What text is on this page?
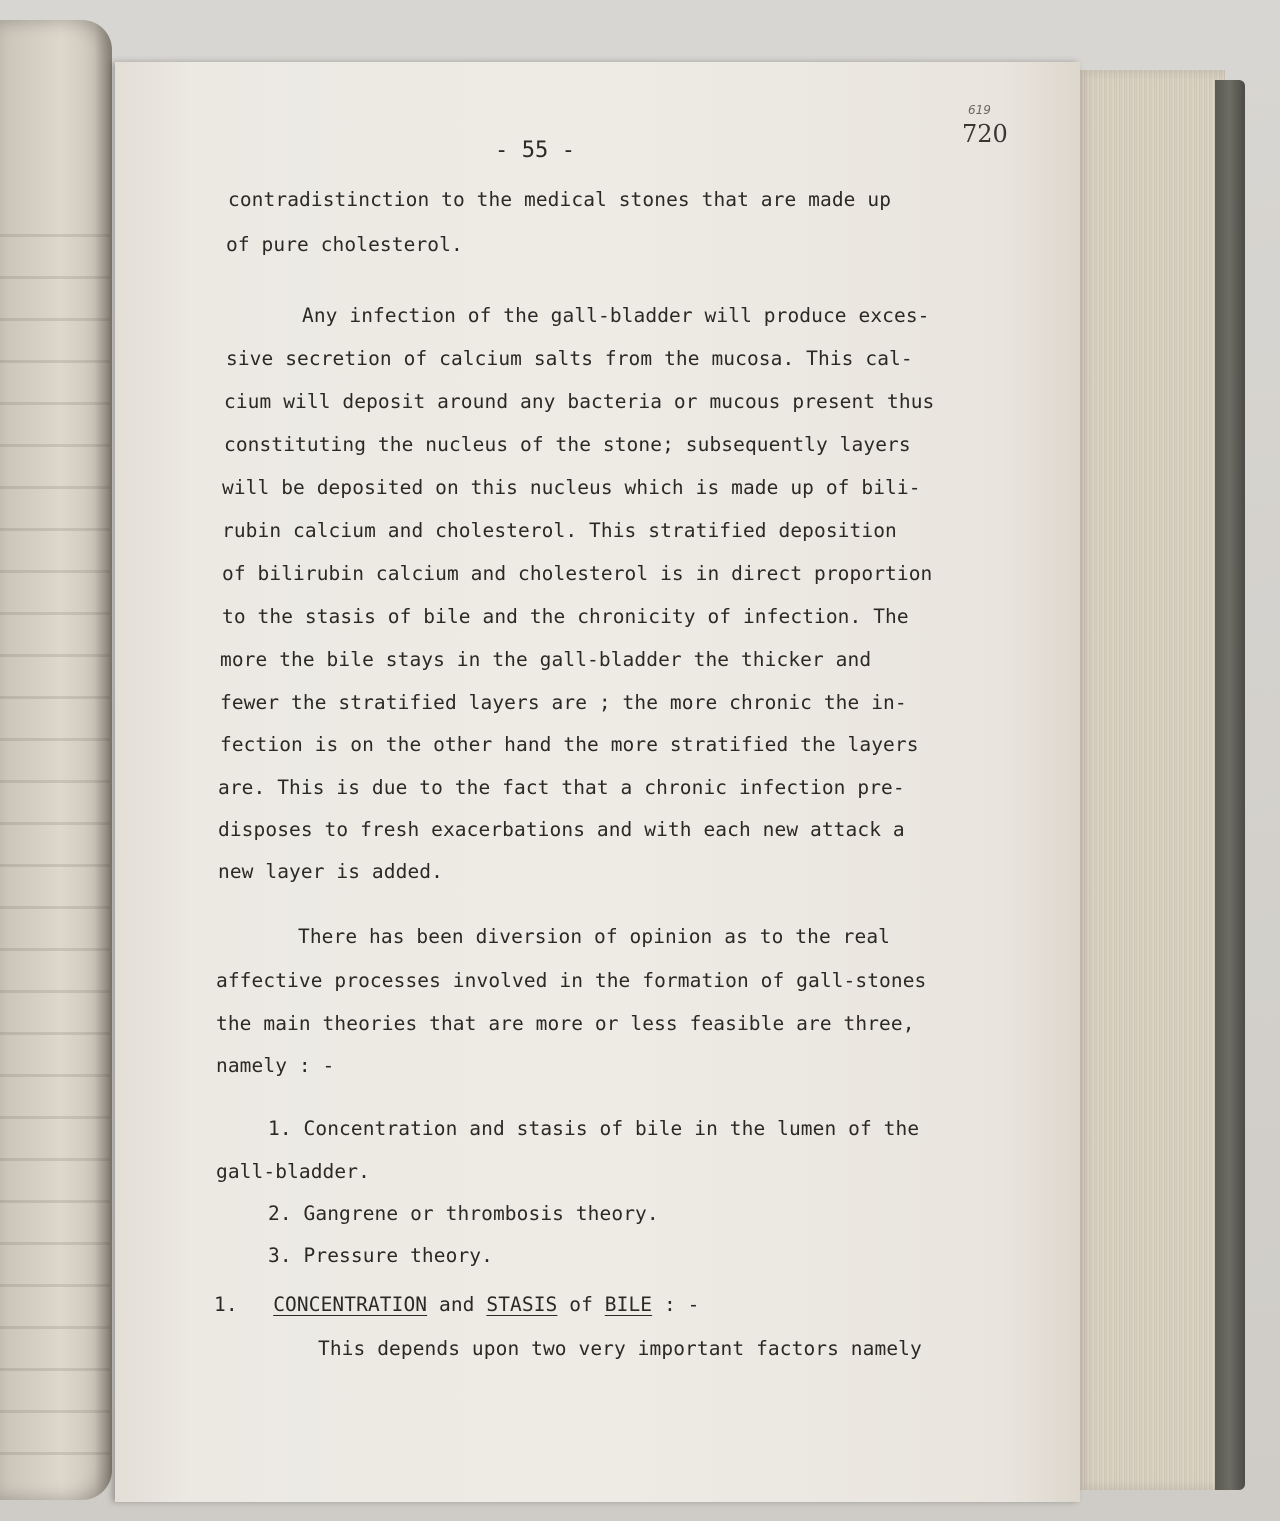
619
720
- 55 -
contradistinction to the medical stones that are made up
of pure cholesterol.
Any infection of the gall-bladder will produce exces-
sive secretion of calcium salts from the mucosa. This cal-
cium will deposit around any bacteria or mucous present thus
constituting the nucleus of the stone; subsequently layers
will be deposited on this nucleus which is made up of bili-
rubin calcium and cholesterol. This stratified deposition
of bilirubin calcium and cholesterol is in direct proportion
to the stasis of bile and the chronicity of infection. The
more the bile stays in the gall-bladder the thicker and
fewer the stratified layers are ; the more chronic the in-
fection is on the other hand the more stratified the layers
are. This is due to the fact that a chronic infection pre-
disposes to fresh exacerbations and with each new attack a
new layer is added.
There has been diversion of opinion as to the real
affective processes involved in the formation of gall-stones
the main theories that are more or less feasible are three,
namely : -
1. Concentration and stasis of bile in the lumen of the
gall-bladder.
2. Gangrene or thrombosis theory.
3. Pressure theory.
1. CONCENTRATION and STASIS of BILE : -
This depends upon two very important factors namely
